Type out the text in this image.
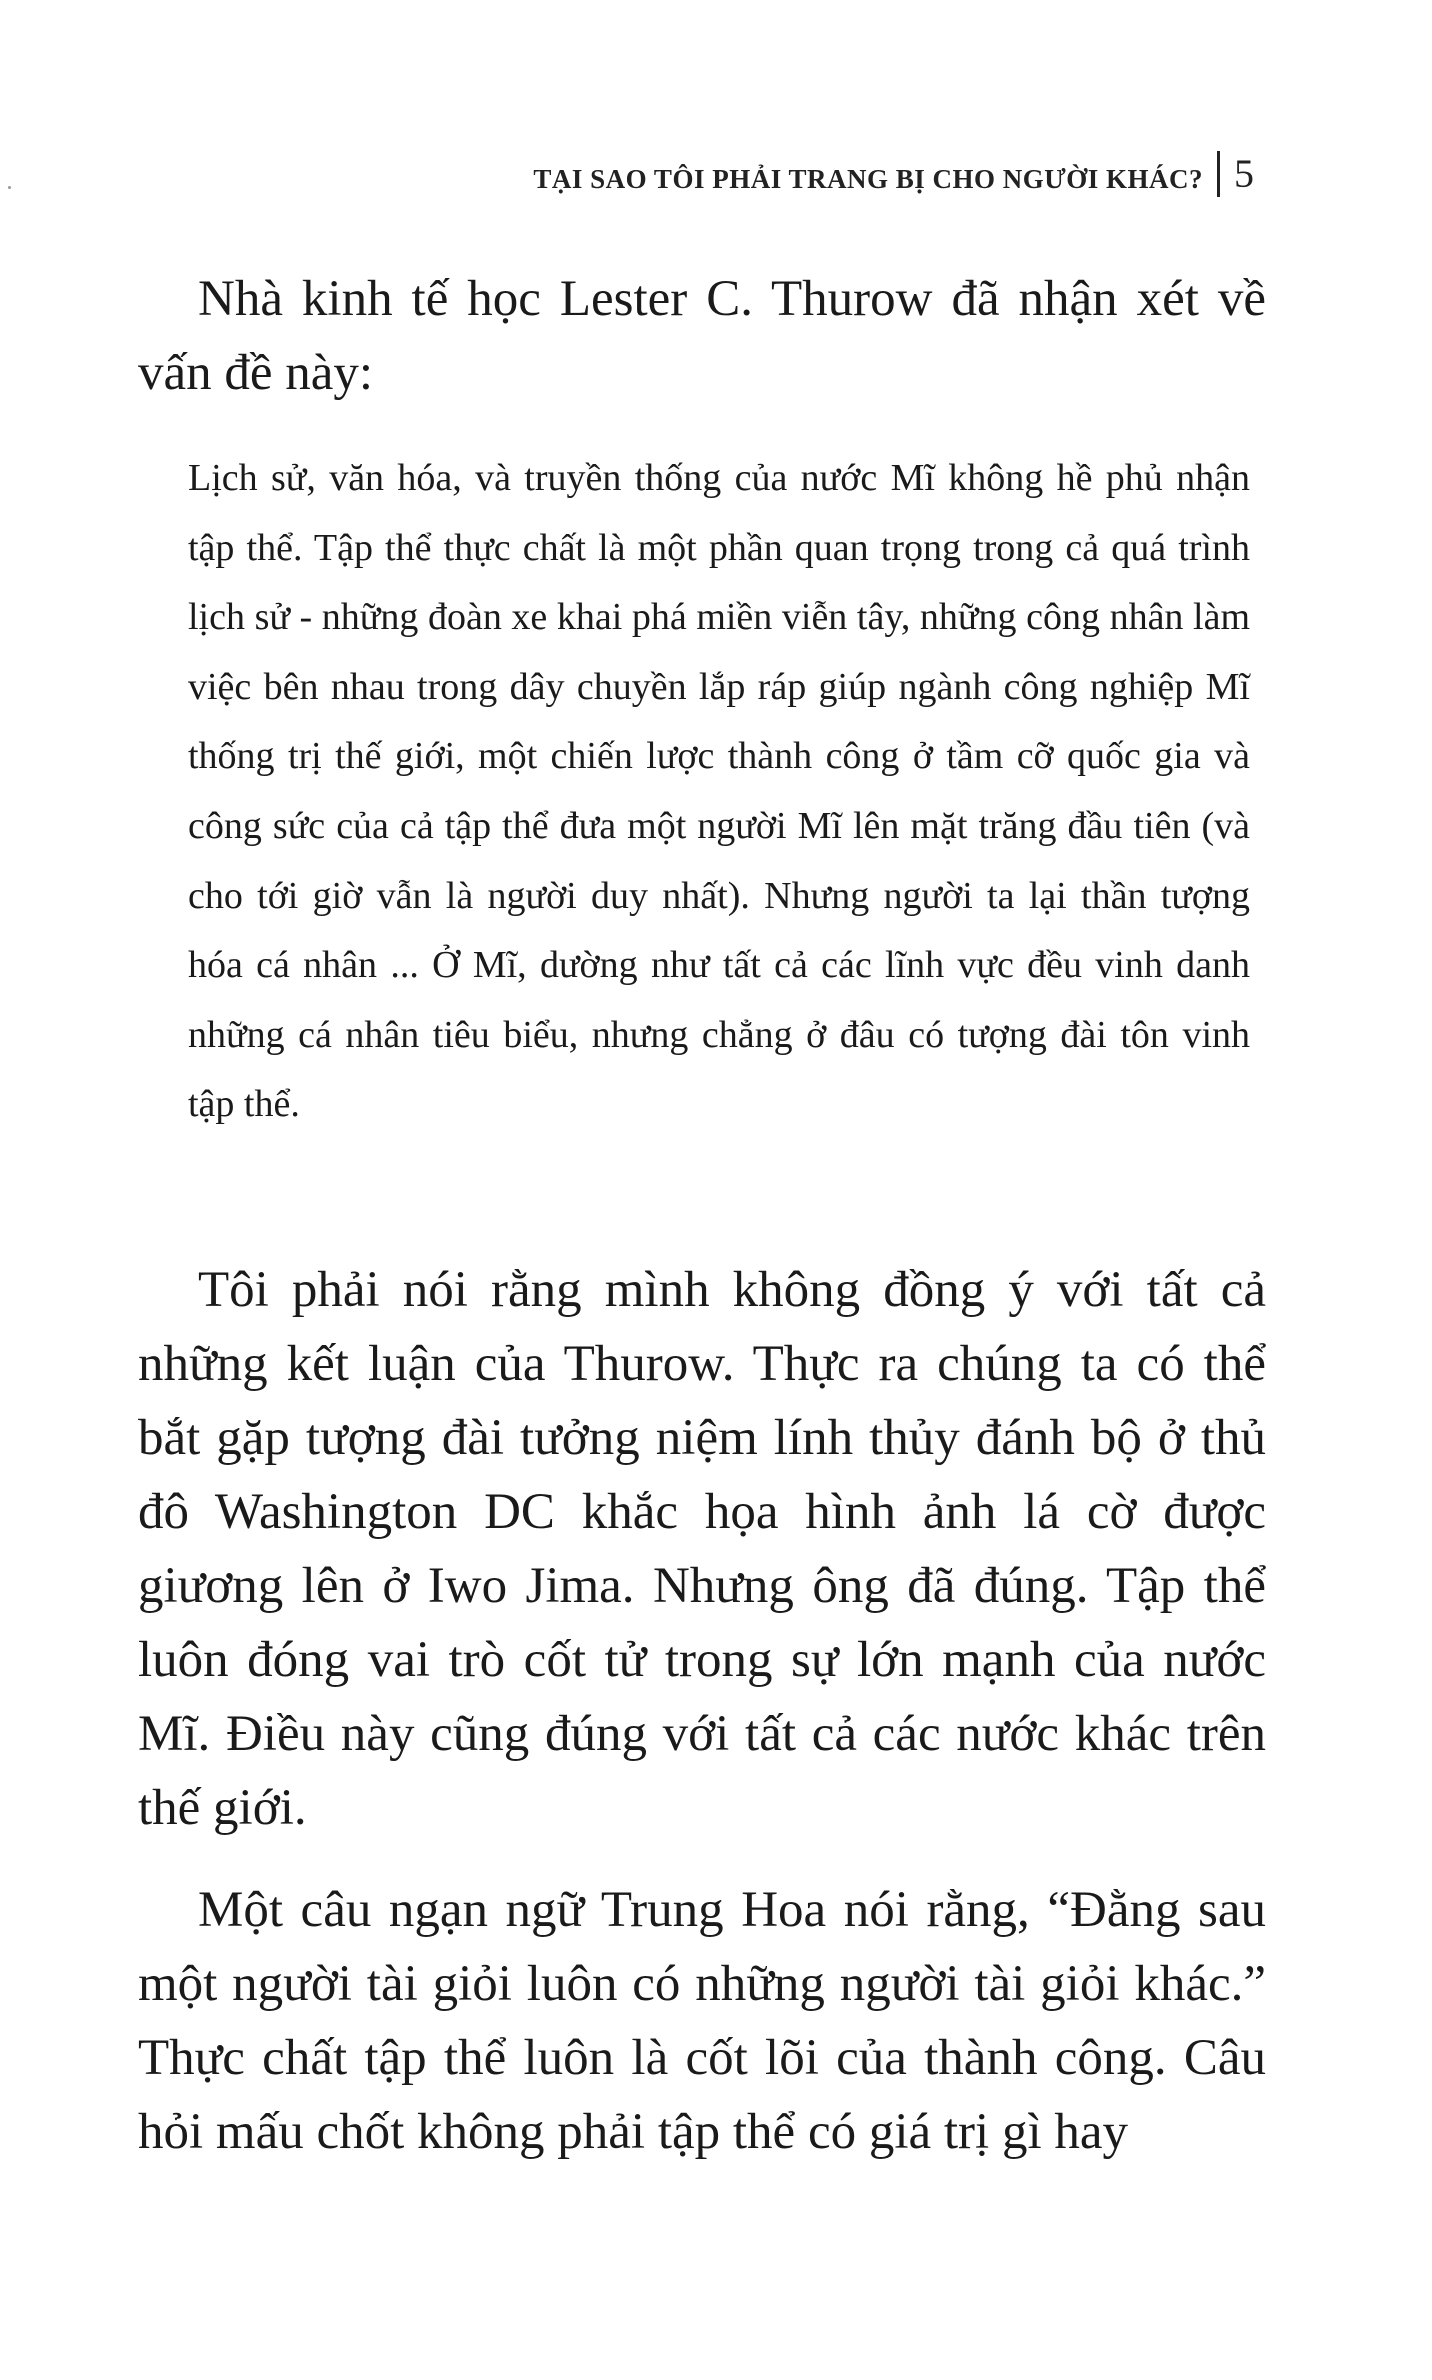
TẠI SAO TÔI PHẢI TRANG BỊ CHO NGƯỜI KHÁC? 5

Nhà kinh tế học Lester C. Thurow đã nhận xét về vấn đề này:

Lịch sử, văn hóa, và truyền thống của nước Mĩ không hề phủ nhận tập thể. Tập thể thực chất là một phần quan trọng trong cả quá trình lịch sử - những đoàn xe khai phá miền viễn tây, những công nhân làm việc bên nhau trong dây chuyền lắp ráp giúp ngành công nghiệp Mĩ thống trị thế giới, một chiến lược thành công ở tầm cỡ quốc gia và công sức của cả tập thể đưa một người Mĩ lên mặt trăng đầu tiên (và cho tới giờ vẫn là người duy nhất). Nhưng người ta lại thần tượng hóa cá nhân ... Ở Mĩ, dường như tất cả các lĩnh vực đều vinh danh những cá nhân tiêu biểu, nhưng chẳng ở đâu có tượng đài tôn vinh tập thể.

Tôi phải nói rằng mình không đồng ý với tất cả những kết luận của Thurow. Thực ra chúng ta có thể bắt gặp tượng đài tưởng niệm lính thủy đánh bộ ở thủ đô Washington DC khắc họa hình ảnh lá cờ được giương lên ở Iwo Jima. Nhưng ông đã đúng. Tập thể luôn đóng vai trò cốt tử trong sự lớn mạnh của nước Mĩ. Điều này cũng đúng với tất cả các nước khác trên thế giới.

Một câu ngạn ngữ Trung Hoa nói rằng, “Đằng sau một người tài giỏi luôn có những người tài giỏi khác.” Thực chất tập thể luôn là cốt lõi của thành công. Câu hỏi mấu chốt không phải tập thể có giá trị gì hay
